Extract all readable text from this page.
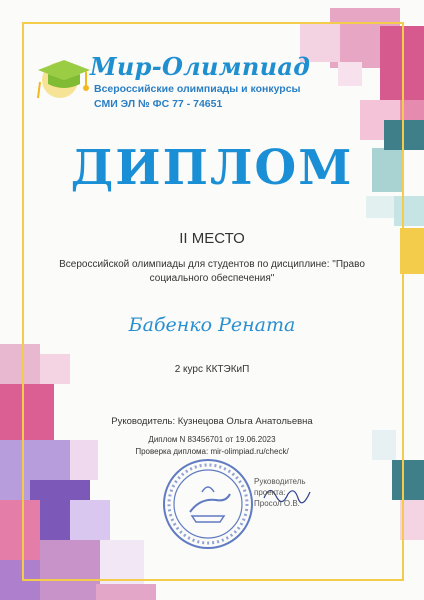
Мир-Олимпиад
Всероссийские олимпиады и конкурсы
СМИ ЭЛ № ФС 77 - 74651
ДИПЛОМ
II МЕСТО
Всероссийской олимпиады для студентов по дисциплине: "Право социального обеспечения"
Бабенко Рената
2 курс ККТЭКиП
Руководитель: Кузнецова Ольга Анатольевна
Диплом N 83456701 от 19.06.2023
Проверка диплома: mir-olimpiad.ru/check/
Руководитель
проекта:
Просол О.В.
